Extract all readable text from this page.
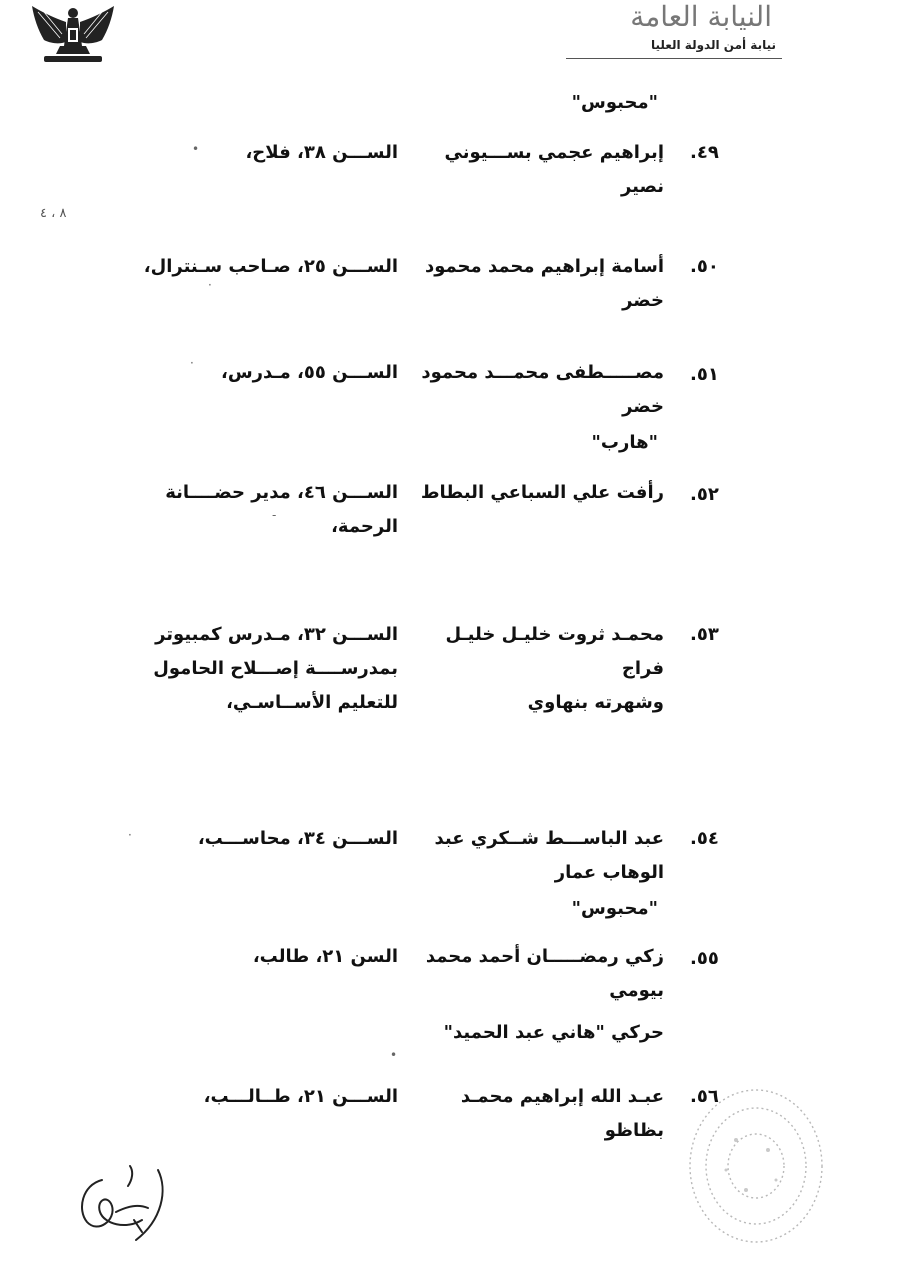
النيابة العامة
نيابة أمن الدولة العليا
٨ ، ٤
"محبوس"
.٤٩
إبراهيم عجمي بســـيوني
نصير
الســـن ٣٨، فلاح،
.٥٠
أسامة إبراهيم محمد محمود
خضر
الســـن ٢٥، صـاحب سـنترال،
.٥١
مصـــــطفى محمـــد محمود
خضر
الســـن ٥٥، مـدرس،
"هارب"
.٥٢
رأفت علي السباعي البطاط
الســـن ٤٦، مدير حضــــانة
الرحمة،
.٥٣
محمـد ثروت خليـل خليـل
فراج
وشهرته بنهاوي
الســـن ٣٢، مـدرس كمبيوتر
بمدرســــة إصـــلاح الحامول
للتعليم الأســاسـي،
.٥٤
عبد الباســـط شــكري عبد
الوهاب عمار
الســـن ٣٤، محاســـب،
"محبوس"
.٥٥
زكي رمضـــــان أحمد محمد
بيومي
حركي "هاني عبد الحميد"
السن ٢١، طالب،
.٥٦
عبـد الله إبراهيم محمـد
بظاظو
الســـن ٢١، طــالـــب،
•
·
·
-
·
•
